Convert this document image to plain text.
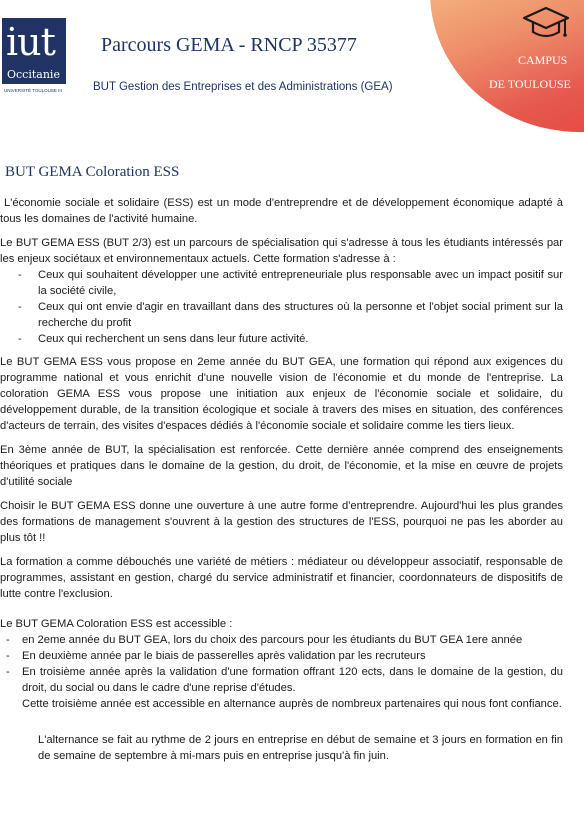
iut
Occitanie
UNIVERSITÉ TOULOUSE III
Parcours GEMA - RNCP 35377
BUT Gestion des Entreprises et des Administrations (GEA)
CAMPUS
DE TOULOUSE
BUT GEMA Coloration ESS

L'économie sociale et solidaire (ESS) est un mode d'entreprendre et de développement économique adapté à tous les domaines de l'activité humaine.

Le BUT GEMA ESS (BUT 2/3) est un parcours de spécialisation qui s'adresse à tous les étudiants intéressés par les enjeux sociétaux et environnementaux actuels. Cette formation s'adresse à :

- Ceux qui souhaitent développer une activité entrepreneuriale plus responsable avec un impact positif sur la société civile,
- Ceux qui ont envie d'agir en travaillant dans des structures où la personne et l'objet social priment sur la recherche du profit
- Ceux qui recherchent un sens dans leur future activité.

Le BUT GEMA ESS vous propose en 2eme année du BUT GEA, une formation qui répond aux exigences du programme national et vous enrichit d'une nouvelle vision de l'économie et du monde de l'entreprise. La coloration GEMA ESS vous propose une initiation aux enjeux de l'économie sociale et solidaire, du développement durable, de la transition écologique et sociale à travers des mises en situation, des conférences d'acteurs de terrain, des visites d'espaces dédiés à l'économie sociale et solidaire comme les tiers lieux.

En 3ème année de BUT, la spécialisation est renforcée. Cette dernière année comprend des enseignements théoriques et pratiques dans le domaine de la gestion, du droit, de l'économie, et la mise en œuvre de projets d'utilité sociale

Choisir le BUT GEMA ESS donne une ouverture à une autre forme d'entreprendre. Aujourd'hui les plus grandes des formations de management s'ouvrent à la gestion des structures de l'ESS, pourquoi ne pas les aborder au plus tôt !!

La formation a comme débouchés une variété de métiers : médiateur ou développeur associatif, responsable de programmes, assistant en gestion, chargé du service administratif et financier, coordonnateurs de dispositifs de lutte contre l'exclusion.

Le BUT GEMA Coloration ESS est accessible :

- en 2eme année du BUT GEA, lors du choix des parcours pour les étudiants du BUT GEA 1ere année
- En deuxième année par le biais de passerelles après validation par les recruteurs
- En troisième année après la validation d'une formation offrant 120 ects, dans le domaine de la gestion, du droit, du social ou dans le cadre d'une reprise d'études.
Cette troisième année est accessible en alternance auprès de nombreux partenaires qui nous font confiance.

L'alternance se fait au rythme de 2 jours en entreprise en début de semaine et 3 jours en formation en fin de semaine de septembre à mi-mars puis en entreprise jusqu'à fin juin.
